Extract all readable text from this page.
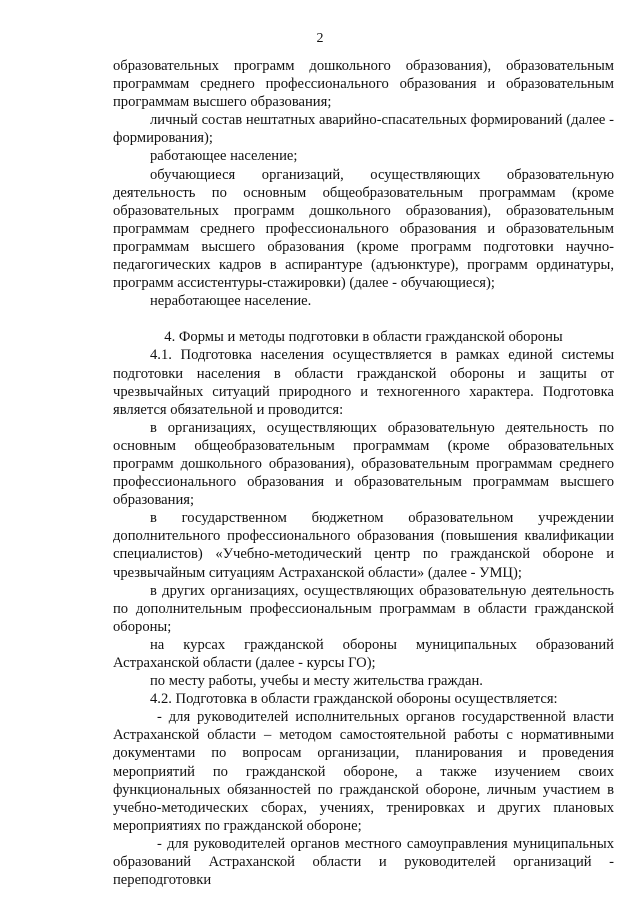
2

образовательных программ дошкольного образования), образовательным программам среднего профессионального образования и образовательным программам высшего образования;

личный состав нештатных аварийно-спасательных формирований (далее - формирования);

работающее население;

обучающиеся организаций, осуществляющих образовательную деятельность по основным общеобразовательным программам (кроме образовательных программ дошкольного образования), образовательным программам среднего профессионального образования и образовательным программам высшего образования (кроме программ подготовки научно-педагогических кадров в аспирантуре (адъюнктуре), программ ординатуры, программ ассистентуры-стажировки) (далее - обучающиеся);

неработающее население.

4. Формы и методы подготовки в области гражданской обороны

4.1. Подготовка населения осуществляется в рамках единой системы подготовки населения в области гражданской обороны и защиты от чрезвычайных ситуаций природного и техногенного характера. Подготовка является обязательной и проводится:

в организациях, осуществляющих образовательную деятельность по основным общеобразовательным программам (кроме образовательных программ дошкольного образования), образовательным программам среднего профессионального образования и образовательным программам высшего образования;

в государственном бюджетном образовательном учреждении дополнительного профессионального образования (повышения квалификации специалистов) «Учебно-методический центр по гражданской обороне и чрезвычайным ситуациям Астраханской области» (далее - УМЦ);

в других организациях, осуществляющих образовательную деятельность по дополнительным профессиональным программам в области гражданской обороны;

на курсах гражданской обороны муниципальных образований Астраханской области (далее - курсы ГО);

по месту работы, учебы и месту жительства граждан.

4.2. Подготовка в области гражданской обороны осуществляется:

- для руководителей исполнительных органов государственной власти Астраханской области – методом самостоятельной работы с нормативными документами по вопросам организации, планирования и проведения мероприятий по гражданской обороне, а также изучением своих функциональных обязанностей по гражданской обороне, личным участием в учебно-методических сборах, учениях, тренировках и других плановых мероприятиях по гражданской обороне;

- для руководителей органов местного самоуправления муниципальных образований Астраханской области и руководителей организаций - переподготовки
